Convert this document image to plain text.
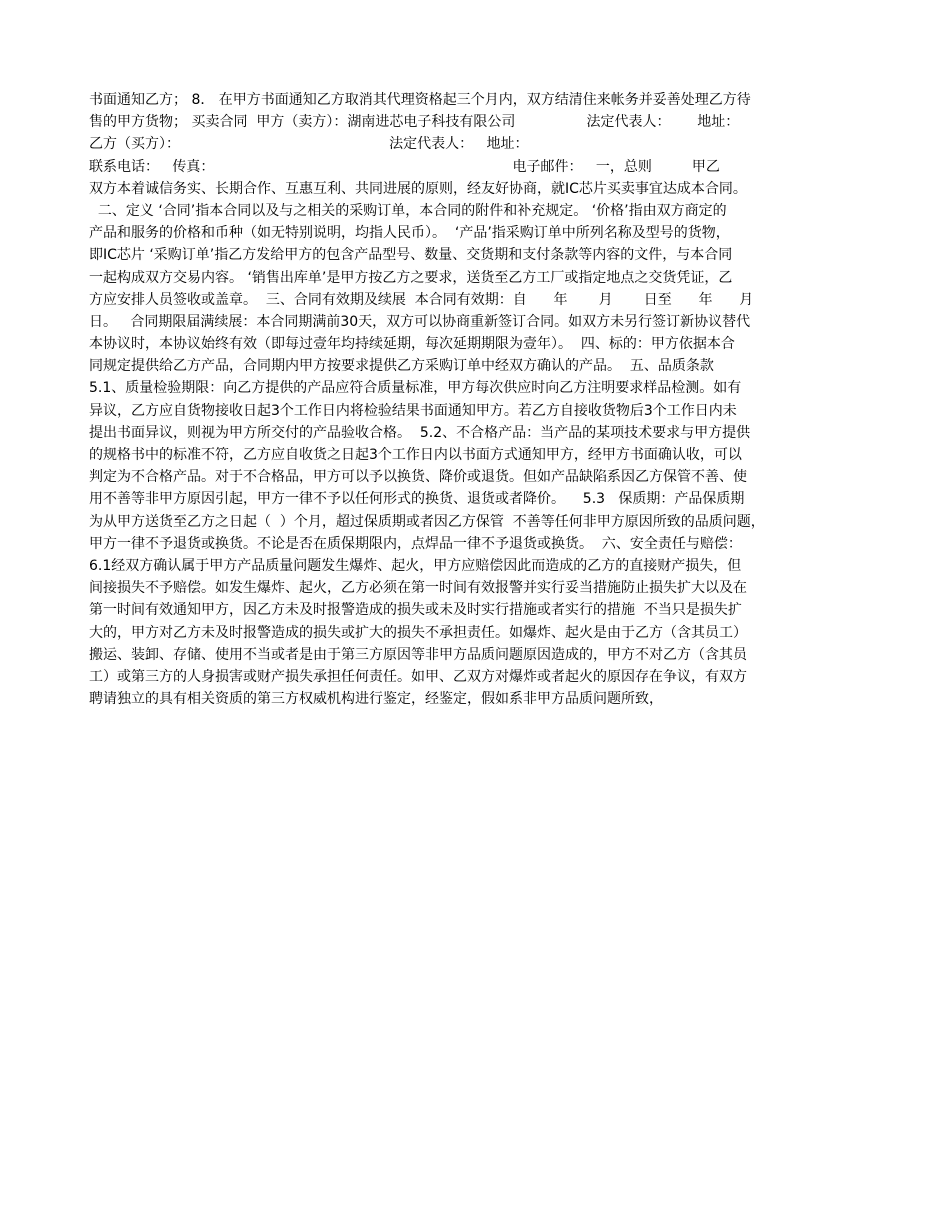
书面通知乙方； 8． 在甲方书面通知乙方取消其代理资格起三个月内，双方结清住来帐务并妥善处理乙方待
售的甲方货物； 买卖合同  甲方（卖方）：湖南进芯电子科技有限公司                法定代表人：      地址：
乙方（买方）：                                               法定代表人：   地址：
联系电话：   传真：                                                                   电子邮件：   一，总则         甲乙
双方本着诚信务实、长期合作、互惠互利、共同进展的原则，经友好协商，就IC芯片买卖事宜达成本合同。
二、定义 ‘合同’指本合同以及与之相关的采购订单，本合同的附件和补充规定。 ‘价格’指由双方商定的
产品和服务的价格和币种（如无特别说明，均指人民币）。  ‘产品’指采购订单中所列名称及型号的货物，
即IC芯片 ‘采购订单’指乙方发给甲方的包含产品型号、数量、交货期和支付条款等内容的文件，与本合同
一起构成双方交易内容。 ‘销售出库单’是甲方按乙方之要求，送货至乙方工厂或指定地点之交货凭证，乙
方应安排人员签收或盖章。  三、合同有效期及续展  本合同有效期：自      年       月       日至      年      月
日。   合同期限届满续展：本合同期满前30天，双方可以协商重新签订合同。如双方未另行签订新协议替代
本协议时，本协议始终有效（即每过壹年均持续延期，每次延期期限为壹年）。  四、标的：甲方依据本合
同规定提供给乙方产品，合同期内甲方按要求提供乙方采购订单中经双方确认的产品。  五、品质条款
5.1、质量检验期限：向乙方提供的产品应符合质量标准，甲方每次供应时向乙方注明要求样品检测。如有
异议，乙方应自货物接收日起3个工作日内将检验结果书面通知甲方。若乙方自接收货物后3个工作日内未
提出书面异议，则视为甲方所交付的产品验收合格。  5.2、不合格产品：当产品的某项技术要求与甲方提供
的规格书中的标准不符，乙方应自收货之日起3个工作日内以书面方式通知甲方，经甲方书面确认收，可以
判定为不合格产品。对于不合格品，甲方可以予以换货、降价或退货。但如产品缺陷系因乙方保管不善、使
用不善等非甲方原因引起，甲方一律不予以任何形式的换货、退货或者降价。    5.3   保质期：产品保质期
为从甲方送货至乙方之日起（  ）个月，超过保质期或者因乙方保管  不善等任何非甲方原因所致的品质问题，
甲方一律不予退货或换货。不论是否在质保期限内，点焊品一律不予退货或换货。  六、安全责任与赔偿：
6.1经双方确认属于甲方产品质量问题发生爆炸、起火，甲方应赔偿因此而造成的乙方的直接财产损失，但
间接损失不予赔偿。如发生爆炸、起火，乙方必须在第一时间有效报警并实行妥当措施防止损失扩大以及在
第一时间有效通知甲方，因乙方未及时报警造成的损失或未及时实行措施或者实行的措施  不当只是损失扩
大的，甲方对乙方未及时报警造成的损失或扩大的损失不承担责任。如爆炸、起火是由于乙方（含其员工）
搬运、装卸、存储、使用不当或者是由于第三方原因等非甲方品质问题原因造成的，甲方不对乙方（含其员
工）或第三方的人身损害或财产损失承担任何责任。如甲、乙双方对爆炸或者起火的原因存在争议，有双方
聘请独立的具有相关资质的第三方权威机构进行鉴定，经鉴定，假如系非甲方品质问题所致，
